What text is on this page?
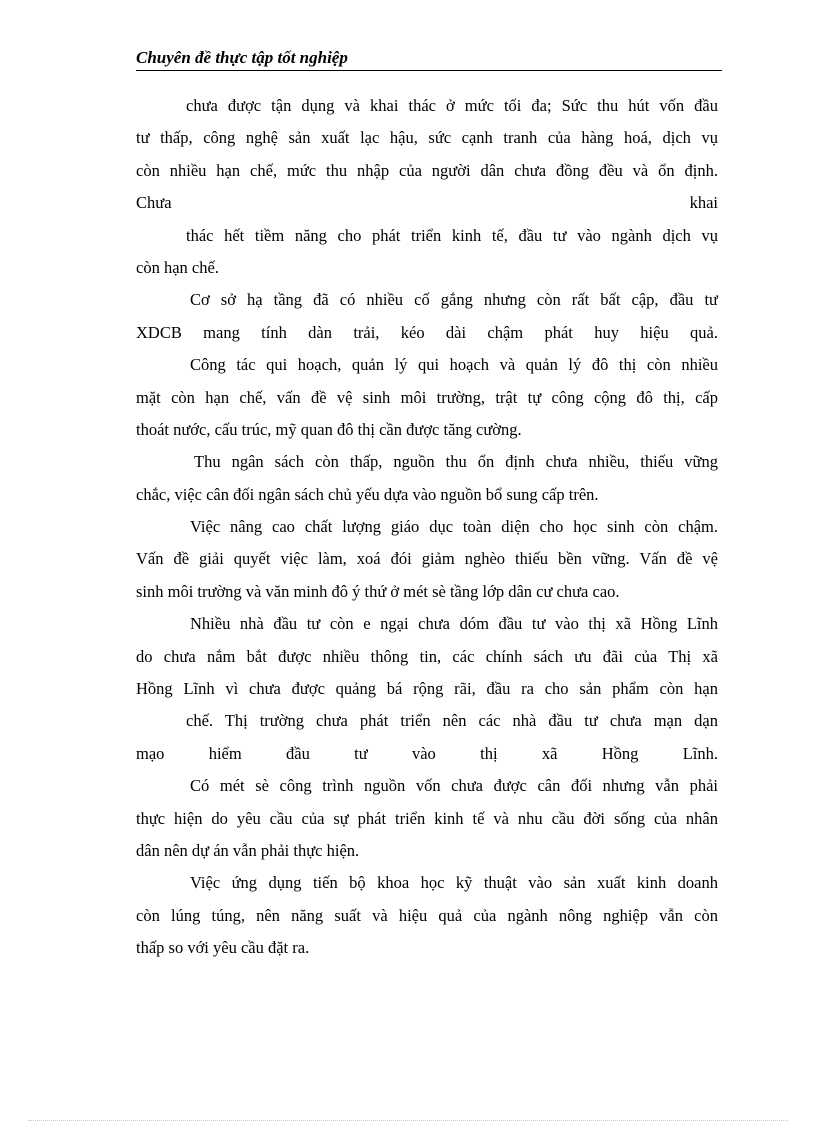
Chuyên đề thực tập tốt nghiệp
chưa được tận dụng và khai thác ở mức tối đa; Sức thu hút vốn đầu
tư thấp, công nghệ sản xuất lạc hậu, sức cạnh tranh của hàng hoá, dịch vụ
còn nhiều hạn chế, mức thu nhập của người dân chưa đồng đều và ổn định.
Chưa khai
thác hết tiềm năng cho phát triển kinh tế, đầu tư vào ngành dịch vụ
còn hạn chế.
Cơ sở hạ tầng đã có nhiều cố gắng nhưng còn rất bất cập, đầu tư
XDCB mang tính dàn trải, kéo dài chậm phát huy hiệu quả.
Công tác qui hoạch, quản lý qui hoạch và quản lý đô thị còn nhiều
mặt còn hạn chế, vấn đề vệ sinh môi trường, trật tự công cộng đô thị, cấp
thoát nước, cấu trúc, mỹ quan đô thị cần được tăng cường.
Thu ngân sách còn thấp, nguồn thu ổn định chưa nhiều, thiếu vững
chắc, việc cân đối ngân sách chủ yếu dựa vào nguồn bổ sung cấp trên.
Việc nâng cao chất lượng giáo dục toàn diện cho học sinh còn chậm.
Vấn đề giải quyết việc làm, xoá đói giảm nghèo thiếu bền vững. Vấn đề vệ
sinh môi trường và văn minh đô ý thứ ở mét sè tầng lớp dân cư chưa cao.
Nhiều nhà đầu tư còn e ngại chưa dóm đầu tư vào thị xã Hồng Lĩnh
do chưa nắm bắt được nhiều thông tin, các chính sách ưu đãi của Thị xã
Hồng Lĩnh vì chưa được quảng bá rộng rãi, đầu ra cho sản phẩm còn hạn
chế. Thị trường chưa phát triển nên các nhà đầu tư chưa mạn dạn
mạo hiểm đầu tư vào thị xã Hồng Lĩnh.
Có mét sè công trình nguồn vốn chưa được cân đối nhưng vẫn phải
thực hiện do yêu cầu của sự phát triển kinh tế và nhu cầu đời sống của nhân
dân nên dự án vẫn phải thực hiện.
Việc ứng dụng tiến bộ khoa học kỹ thuật vào sản xuất kinh doanh
còn lúng túng, nên năng suất và hiệu quả của ngành nông nghiệp vẫn còn
thấp so với yêu cầu đặt ra.
